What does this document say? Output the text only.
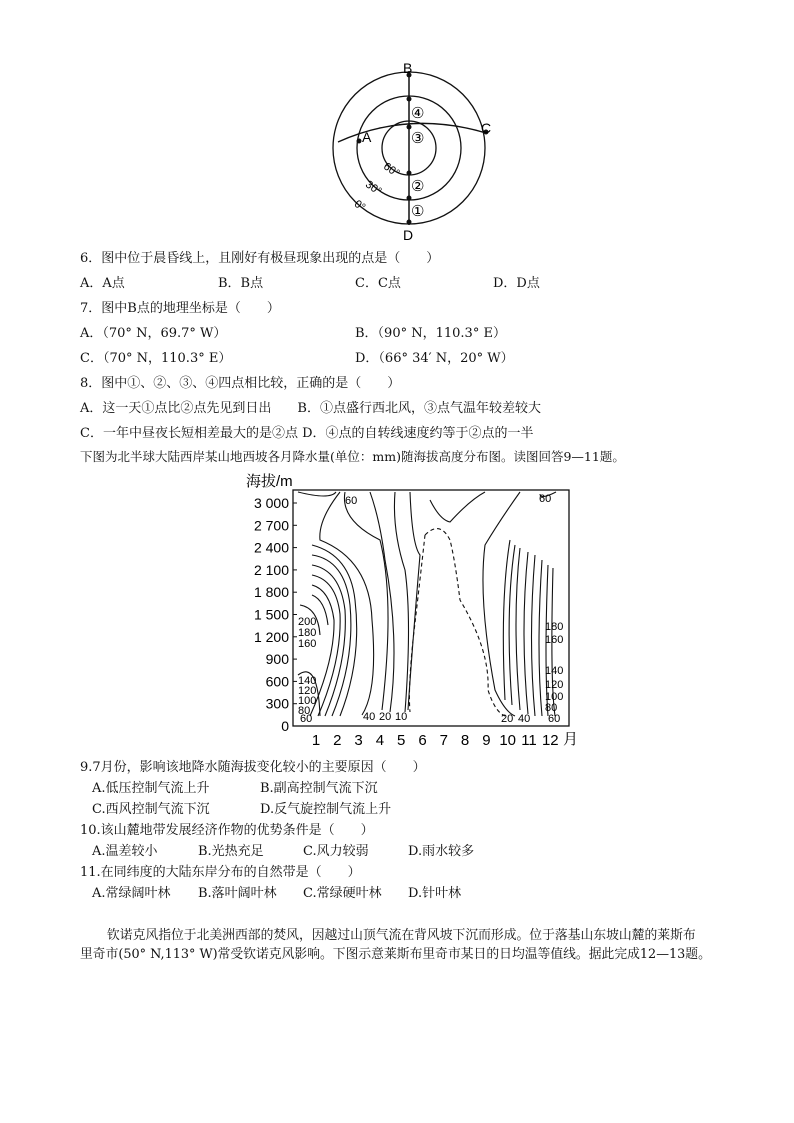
B
C
A
D
④
③
②
①
60°
30°
0°
6．图中位于晨昏线上，且刚好有极昼现象出现的点是（　　）
A．A点	B．B点	C．C点	D．D点
7．图中B点的地理坐标是（　　）
A．（70° N，69.7° W）	B．（90° N，110.3° E）
C．（70° N，110.3° E）	D．（66° 34′ N，20° W）
8．图中①、②、③、④四点相比较，正确的是（　　）
A．这一天①点比②点先见到日出　　B．①点盛行西北风，③点气温年较差较大
C．一年中昼夜长短相差最大的是②点 D．④点的自转线速度约等于②点的一半
下图为北半球大陆西岸某山地西坡各月降水量(单位：mm)随海拔高度分布图。读图回答9—11题。
海拔/m
3 000
2 700
2 400
2 100
1 800
1 500
1 200
900
600
300
0
1 2 3 4 5 6 7 8 9 10 11 12 月
60
200
180
160
140
120
100
80
60	40 20 10
60
180
160
140
120
100
80
60
20 40
9.7月份，影响该地降水随海拔变化较小的主要原因（　　）
A.低压控制气流上升	B.副高控制气流下沉
C.西风控制气流下沉	D.反气旋控制气流上升
10.该山麓地带发展经济作物的优势条件是（　　）
A.温差较小	B.光热充足	C.风力较弱	D.雨水较多
11.在同纬度的大陆东岸分布的自然带是（　　）
A.常绿阔叶林 B.落叶阔叶林 C.常绿硬叶林 D.针叶林
钦诺克风指位于北美洲西部的焚风，因越过山顶气流在背风坡下沉而形成。位于落基山东坡山麓的莱斯布
里奇市(50° N,113° W)常受钦诺克风影响。下图示意莱斯布里奇市某日的日均温等值线。据此完成12—13题。
